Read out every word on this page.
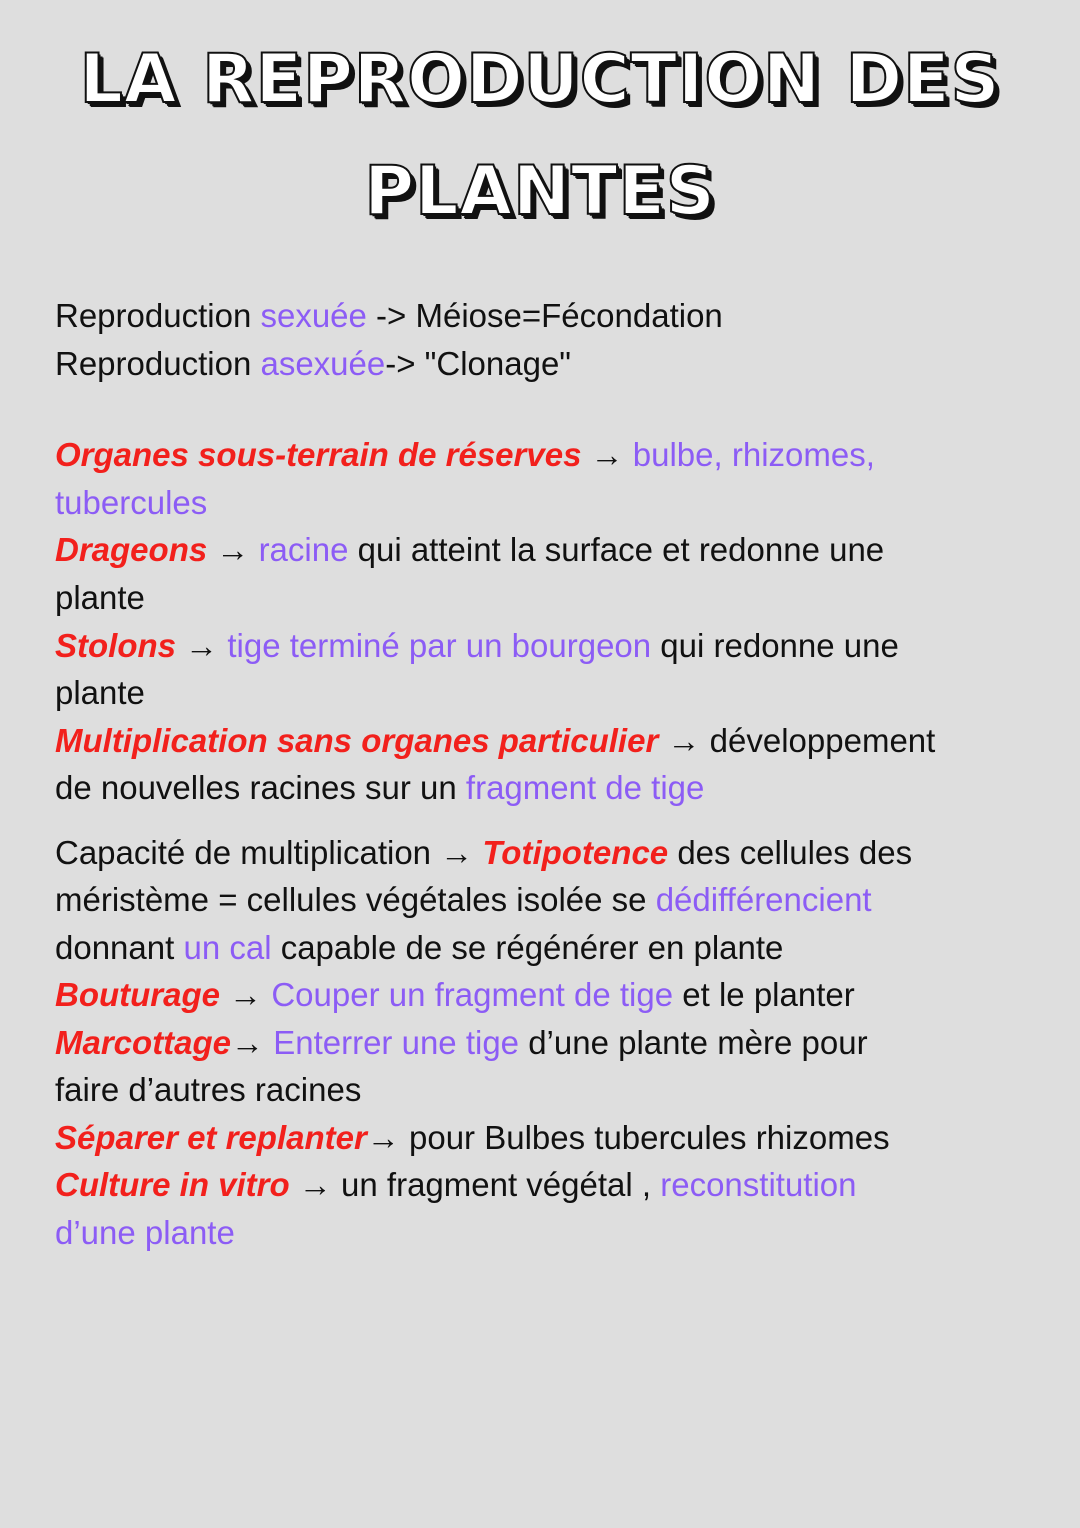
LA REPRODUCTION DES
PLANTES
Reproduction sexuée -> Méiose=Fécondation
Reproduction asexuée-> "Clonage"
Organes sous-terrain de réserves → bulbe, rhizomes,
tubercules
Drageons → racine qui atteint la surface et redonne une
plante
Stolons → tige terminé par un bourgeon qui redonne une
plante
Multiplication sans organes particulier → développement
de nouvelles racines sur un fragment de tige
Capacité de multiplication → Totipotence des cellules des
méristème = cellules végétales isolée se dédifférencient
donnant un cal capable de se régénérer en plante
Bouturage → Couper un fragment de tige et le planter
Marcottage→ Enterrer une tige d’une plante mère pour
faire d’autres racines
Séparer et replanter→ pour Bulbes tubercules rhizomes
Culture in vitro → un fragment végétal , reconstitution
d’une plante
